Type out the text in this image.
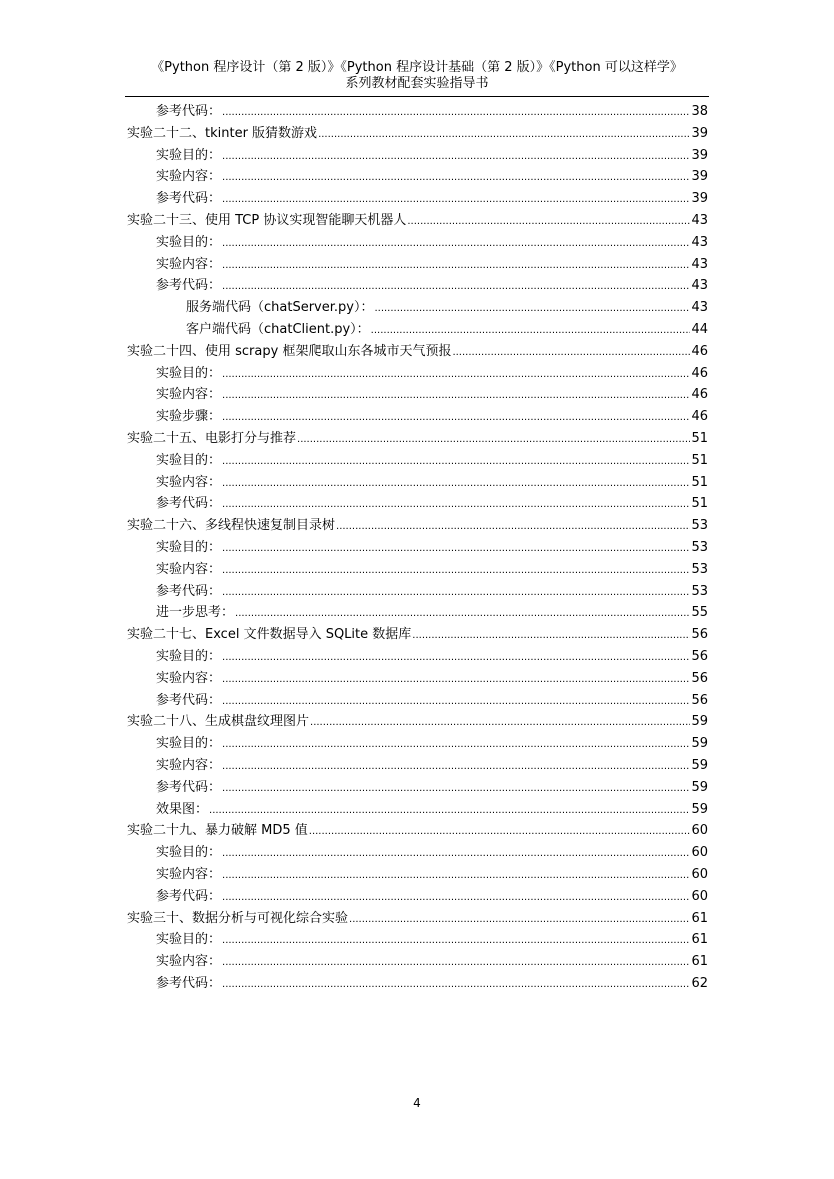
《Python 程序设计（第 2 版）》《Python 程序设计基础（第 2 版）》《Python 可以这样学》
系列教材配套实验指导书
参考代码： .....	38
实验二十二、tkinter 版猜数游戏 .....	39
实验目的： .....	39
实验内容： .....	39
参考代码： .....	39
实验二十三、使用 TCP 协议实现智能聊天机器人 .....	43
实验目的： .....	43
实验内容： .....	43
参考代码： .....	43
服务端代码（chatServer.py）： .....	43
客户端代码（chatClient.py）： .....	44
实验二十四、使用 scrapy 框架爬取山东各城市天气预报 .....	46
实验目的： .....	46
实验内容： .....	46
实验步骤： .....	46
实验二十五、电影打分与推荐 .....	51
实验目的： .....	51
实验内容： .....	51
参考代码： .....	51
实验二十六、多线程快速复制目录树 .....	53
实验目的： .....	53
实验内容： .....	53
参考代码： .....	53
进一步思考： .....	55
实验二十七、Excel 文件数据导入 SQLite 数据库 .....	56
实验目的： .....	56
实验内容： .....	56
参考代码： .....	56
实验二十八、生成棋盘纹理图片 .....	59
实验目的： .....	59
实验内容： .....	59
参考代码： .....	59
效果图： .....	59
实验二十九、暴力破解 MD5 值 .....	60
实验目的： .....	60
实验内容： .....	60
参考代码： .....	60
实验三十、数据分析与可视化综合实验 .....	61
实验目的： .....	61
实验内容： .....	61
参考代码： .....	62
4
